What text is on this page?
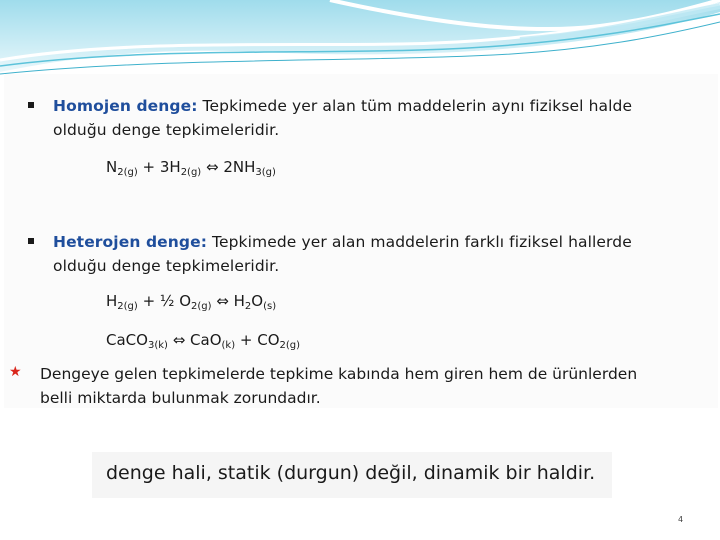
Homojen denge: Tepkimede yer alan tüm maddelerin aynı fiziksel halde
olduğu denge tepkimeleridir.
$N_{2(g)} + 3H_{2(g)}$ ⇔ $2NH_{3(g)}$
Heterojen denge: Tepkimede yer alan maddelerin farklı fiziksel hallerde
olduğu denge tepkimeleridir.
$H_{2(g)}$ + ½ $O_{2(g)}$ ⇔ $H_2O_{(s)}$
CaCO$_{3(k)}$ ⇔ $CaO_{(k)} + CO_{2(g)}$
★ Dengeye gelen tepkimelerde tepkime kabında hem giren hem de ürünlerden
belli miktarda bulunmak zorundadır.
denge hali, statik (durgun) değil, dinamik bir haldir.
4
